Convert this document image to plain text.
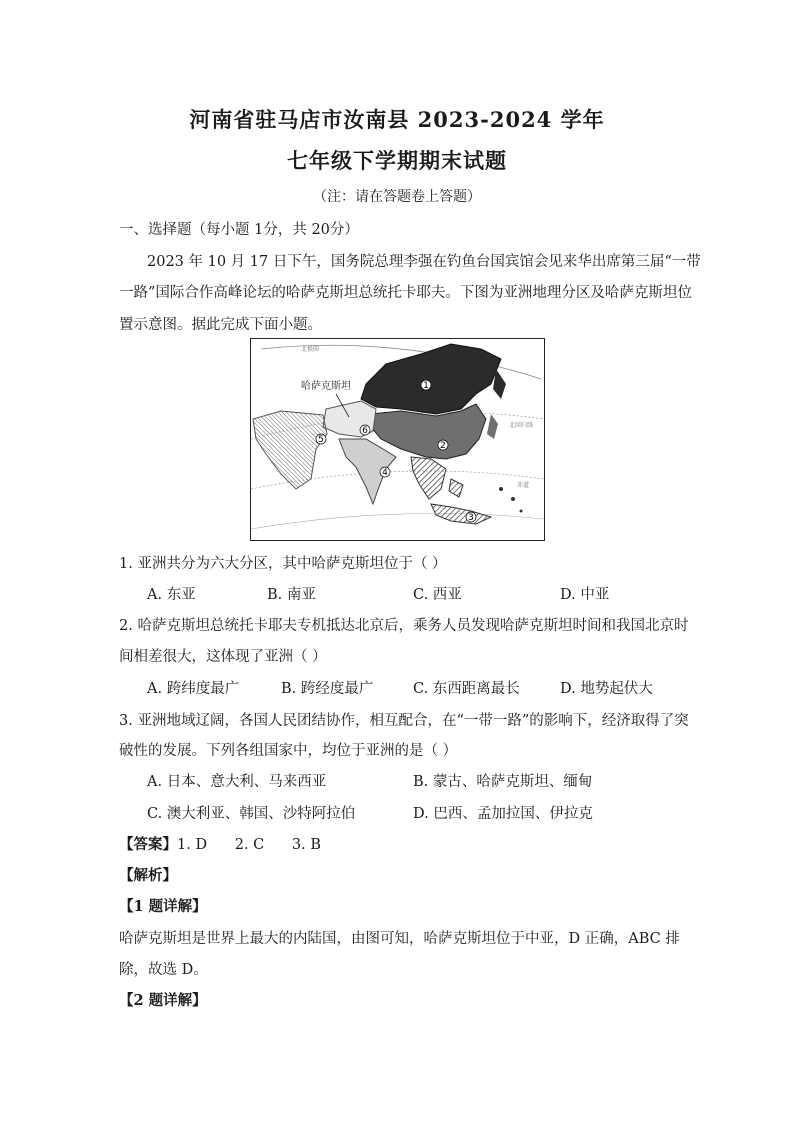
河南省驻马店市汝南县 2023-2024 学年
七年级下学期期末试题
（注：请在答题卷上答题）
一、选择题（每小题 1分，共 20分）
2023 年 10 月 17 日下午，国务院总理李强在钓鱼台国宾馆会见来华出席第三届“一带
一路”国际合作高峰论坛的哈萨克斯坦总统托卡耶夫。下图为亚洲地理分区及哈萨克斯坦位
置示意图。据此完成下面小题。
1
2
3
4
5
6
哈萨克斯坦
北极圈
北回归线
赤道
1. 亚洲共分为六大分区，其中哈萨克斯坦位于（ ）
A. 东亚	B. 南亚	C. 西亚	D. 中亚
2. 哈萨克斯坦总统托卡耶夫专机抵达北京后，乘务人员发现哈萨克斯坦时间和我国北京时
间相差很大，这体现了亚洲（ ）
A. 跨纬度最广	B. 跨经度最广	C. 东西距离最长	D. 地势起伏大
3. 亚洲地域辽阔，各国人民团结协作，相互配合，在“一带一路”的影响下，经济取得了突
破性的发展。下列各组国家中，均位于亚洲的是（ ）
A. 日本、意大利、马来西亚	B. 蒙古、哈萨克斯坦、缅甸
C. 澳大利亚、韩国、沙特阿拉伯	D. 巴西、孟加拉国、伊拉克
【答案】1. D      2. C      3. B
【解析】
【1 题详解】
哈萨克斯坦是世界上最大的内陆国，由图可知，哈萨克斯坦位于中亚，D 正确，ABC 排
除，故选 D。
【2 题详解】
